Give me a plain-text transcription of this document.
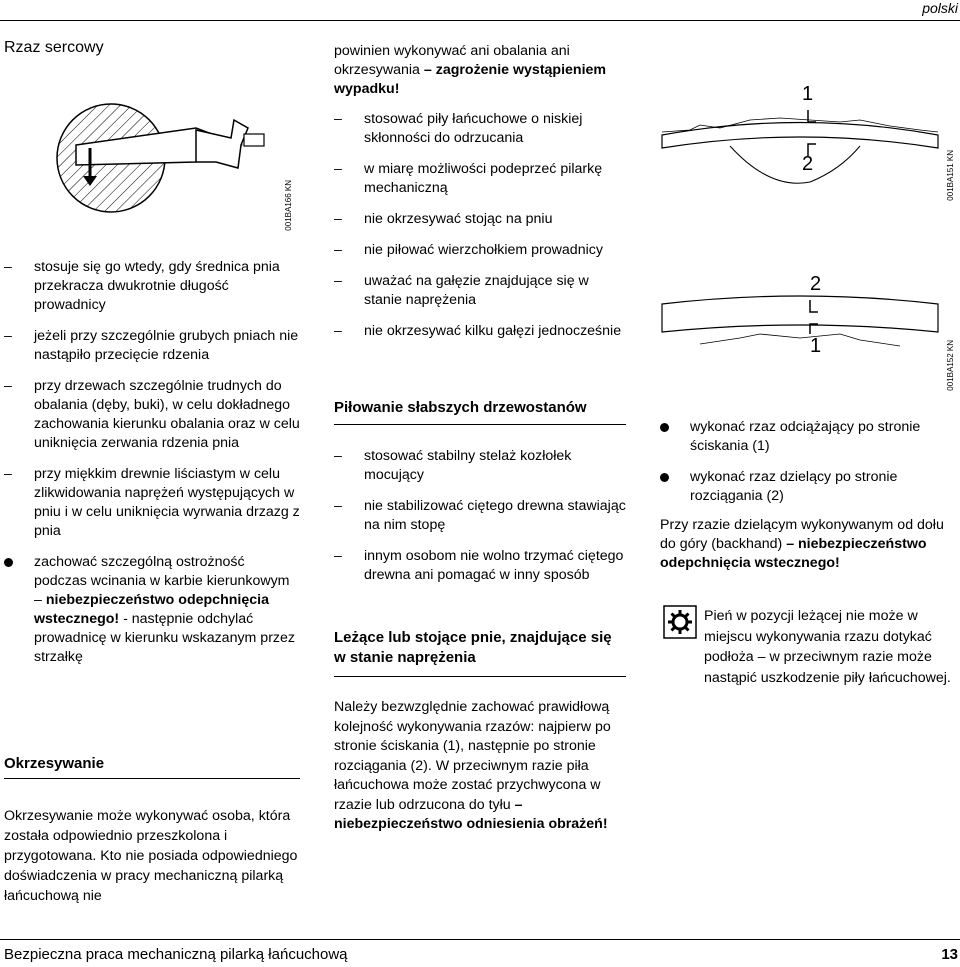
polski
Rzaz sercowy
001BA166 KN
–
stosuje się go wtedy, gdy średnica pnia przekracza dwukrotnie długość prowadnicy
–
jeżeli przy szczególnie grubych pniach nie nastąpiło przecięcie rdzenia
–
przy drzewach szczególnie trudnych do obalania (dęby, buki), w celu dokładnego zachowania kierunku obalania oraz w celu uniknięcia zerwania rdzenia pnia
–
przy miękkim drewnie liściastym w celu zlikwidowania naprężeń występujących w pniu i w celu uniknięcia wyrwania drzazg z pnia
zachować szczególną ostrożność podczas wcinania w karbie kierunkowym – niebezpieczeństwo odepchnięcia wstecznego! - następnie odchylać prowadnicę w kierunku wskazanym przez strzałkę
Okrzesywanie
Okrzesywanie może wykonywać osoba, która została odpowiednio przeszkolona i przygotowana. Kto nie posiada odpowiedniego doświadczenia w pracy mechaniczną pilarką łańcuchową nie
powinien wykonywać ani obalania ani okrzesywania – zagrożenie wystąpieniem wypadku!
–
stosować piły łańcuchowe o niskiej skłonności do odrzucania
–
w miarę możliwości podeprzeć pilarkę mechaniczną
–
nie okrzesywać stojąc na pniu
–
nie piłować wierzchołkiem prowadnicy
–
uważać na gałęzie znajdujące się w stanie naprężenia
–
nie okrzesywać kilku gałęzi jednocześnie
Piłowanie słabszych drzewostanów
–
stosować stabilny stelaż kozłołek mocujący
–
nie stabilizować ciętego drewna stawiając na nim stopę
–
innym osobom nie wolno trzymać ciętego drewna ani pomagać w inny sposób
Leżące lub stojące pnie, znajdujące się w stanie naprężenia
Należy bezwzględnie zachować prawidłową kolejność wykonywania rzazów: najpierw po stronie ściskania (1), następnie po stronie rozciągania (2). W przeciwnym razie piła łańcuchowa może zostać przychwycona w rzazie lub odrzucona do tyłu – niebezpieczeństwo odniesienia obrażeń!
1
2	001BA151 KN
2
1	001BA152 KN
wykonać rzaz odciążający po stronie ściskania (1)
wykonać rzaz dzielący po stronie rozciągania (2)
Przy rzazie dzielącym wykonywanym od dołu do góry (backhand) – niebezpieczeństwo odepchnięcia wstecznego!
Pień w pozycji leżącej nie może w miejscu wykonywania rzazu dotykać podłoża – w przeciwnym razie może nastąpić uszkodzenie piły łańcuchowej.
Bezpieczna praca mechaniczną pilarką łańcuchową	13
